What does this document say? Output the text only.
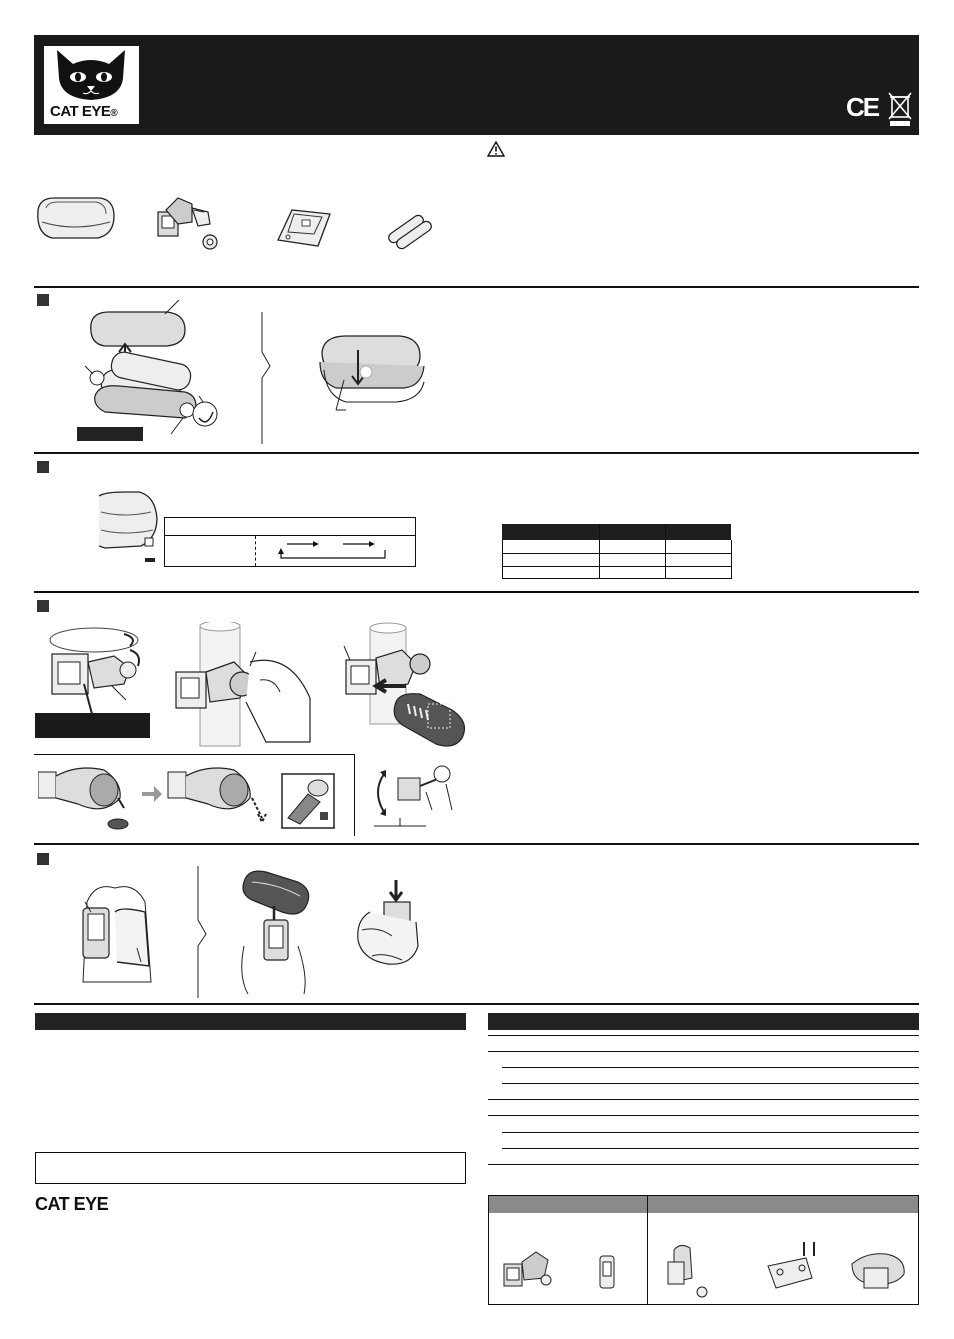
CAT EYE®	CE
CAT EYE
